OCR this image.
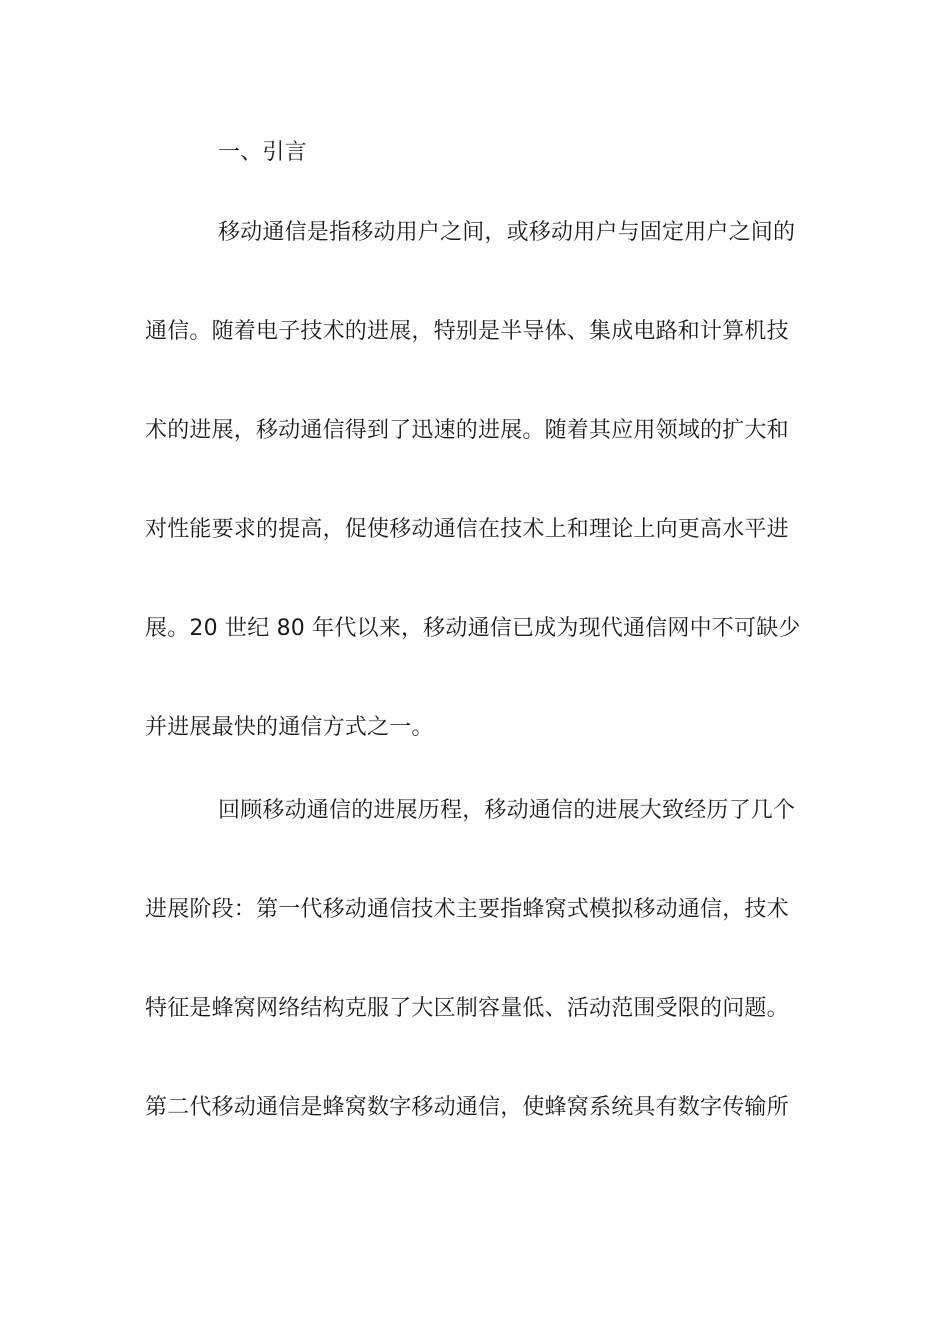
一、引言
移动通信是指移动用户之间，或移动用户与固定用户之间的
通信。随着电子技术的进展，特别是半导体、集成电路和计算机技
术的进展，移动通信得到了迅速的进展。随着其应用领域的扩大和
对性能要求的提高，促使移动通信在技术上和理论上向更高水平进
展。20 世纪 80 年代以来，移动通信已成为现代通信网中不可缺少
并进展最快的通信方式之一。
回顾移动通信的进展历程，移动通信的进展大致经历了几个
进展阶段：第一代移动通信技术主要指蜂窝式模拟移动通信，技术
特征是蜂窝网络结构克服了大区制容量低、活动范围受限的问题。
第二代移动通信是蜂窝数字移动通信，使蜂窝系统具有数字传输所
